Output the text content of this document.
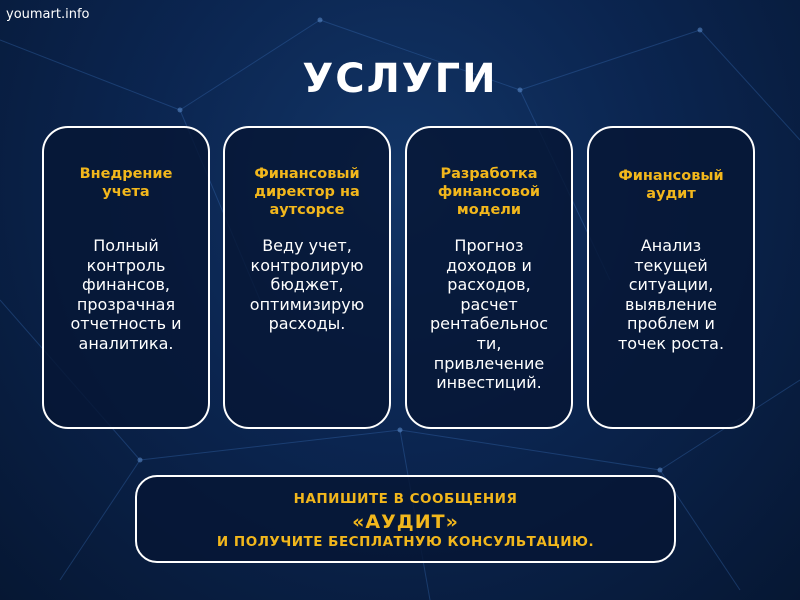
youmart.info
УСЛУГИ
Внедрение
учета
Полный
контроль
финансов,
прозрачная
отчетность и
аналитика.
Финансовый
директор на
аутсорсе
Веду учет,
контролирую
бюджет,
оптимизирую
расходы.
Разработка
финансовой
модели
Прогноз
доходов и
расходов,
расчет
рентабельнос
ти,
привлечение
инвестиций.
Финансовый
аудит
Анализ
текущей
ситуации,
выявление
проблем и
точек роста.
НАПИШИТЕ В СООБЩЕНИЯ
«АУДИТ»
И ПОЛУЧИТЕ БЕСПЛАТНУЮ КОНСУЛЬТАЦИЮ.
